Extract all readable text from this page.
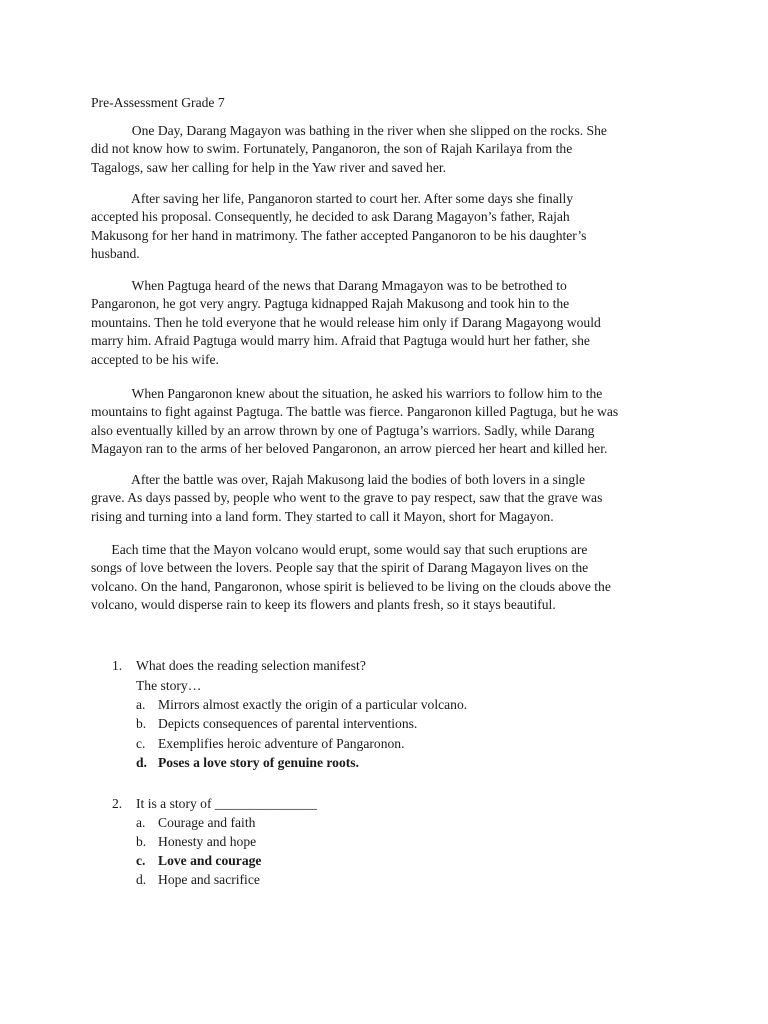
Pre-Assessment Grade 7
One Day, Darang Magayon was bathing in the river when she slipped on the rocks. She
did not know how to swim. Fortunately, Panganoron, the son of Rajah Karilaya from the
Tagalogs, saw her calling for help in the Yaw river and saved her.
After saving her life, Panganoron started to court her. After some days she finally
accepted his proposal. Consequently, he decided to ask Darang Magayon’s father, Rajah
Makusong for her hand in matrimony. The father accepted Panganoron to be his daughter’s
husband.
When Pagtuga heard of the news that Darang Mmagayon was to be betrothed to
Pangaronon, he got very angry. Pagtuga kidnapped Rajah Makusong and took hin to the
mountains. Then he told everyone that he would release him only if Darang Magayong would
marry him. Afraid Pagtuga would marry him. Afraid that Pagtuga would hurt her father, she
accepted to be his wife.
When Pangaronon knew about the situation, he asked his warriors to follow him to the
mountains to fight against Pagtuga. The battle was fierce. Pangaronon killed Pagtuga, but he was
also eventually killed by an arrow thrown by one of Pagtuga’s warriors. Sadly, while Darang
Magayon ran to the arms of her beloved Pangaronon, an arrow pierced her heart and killed her.
After the battle was over, Rajah Makusong laid the bodies of both lovers in a single
grave. As days passed by, people who went to the grave to pay respect, saw that the grave was
rising and turning into a land form. They started to call it Mayon, short for Magayon.
Each time that the Mayon volcano would erupt, some would say that such eruptions are
songs of love between the lovers. People say that the spirit of Darang Magayon lives on the
volcano. On the hand, Pangaronon, whose spirit is believed to be living on the clouds above the
volcano, would disperse rain to keep its flowers and plants fresh, so it stays beautiful.
1.	What does the reading selection manifest?
The story…
a. Mirrors almost exactly the origin of a particular volcano.
b. Depicts consequences of parental interventions.
c. Exemplifies heroic adventure of Pangaronon.
d. Poses a love story of genuine roots.
2.	It is a story of _______________
a. Courage and faith
b. Honesty and hope
c. Love and courage
d. Hope and sacrifice
